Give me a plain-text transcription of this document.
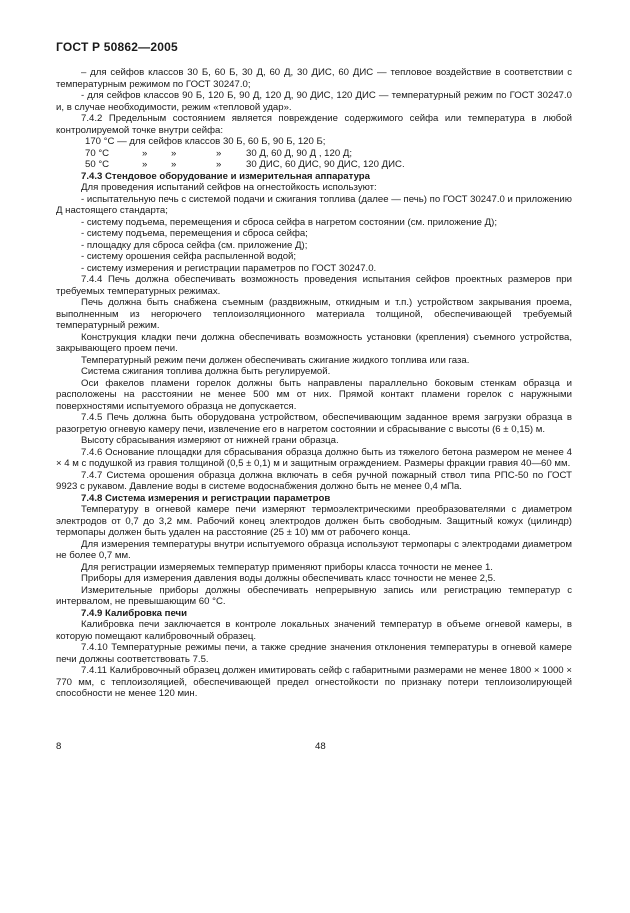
ГОСТ Р 50862—2005

– для сейфов классов 30 Б, 60 Б, 30 Д, 60 Д, 30 ДИС, 60 ДИС — тепловое воздействие в соответствии с температурным режимом по ГОСТ 30247.0;

- для сейфов классов 90 Б, 120 Б, 90 Д, 120 Д, 90 ДИС, 120 ДИС — температурный режим по ГОСТ 30247.0 и, в случае необходимости, режим «тепловой удар».

7.4.2 Предельным состоянием является повреждение содержимого сейфа или температура в любой контролируемой точке внутри сейфа:

170 °C — для сейфов классов 30 Б, 60 Б, 90 Б, 120 Б;
70 °C	» »	»	30 Д, 60 Д, 90 Д , 120 Д;
50 °C	» »	»	30 ДИС, 60 ДИС, 90 ДИС, 120 ДИС.

7.4.3 Стендовое оборудование и измерительная аппаратура

Для проведения испытаний сейфов на огнестойкость используют:

- испытательную печь с системой подачи и сжигания топлива (далее — печь) по ГОСТ 30247.0 и приложению Д настоящего стандарта;

- систему подъема, перемещения и сброса сейфа в нагретом состоянии (см. приложение Д);

- систему подъема, перемещения и сброса сейфа;

- площадку для сброса сейфа (см. приложение Д);

- систему орошения сейфа распыленной водой;

- систему измерения и регистрации параметров по ГОСТ 30247.0.

7.4.4 Печь должна обеспечивать возможность проведения испытания сейфов проектных размеров при требуемых температурных режимах.

Печь должна быть снабжена съемным (раздвижным, откидным и т.п.) устройством закрывания проема, выполненным из негорючего теплоизоляционного материала толщиной, обеспечивающей требуемый температурный режим.

Конструкция кладки печи должна обеспечивать возможность установки (крепления) съемного устройства, закрывающего проем печи.

Температурный режим печи должен обеспечивать сжигание жидкого топлива или газа.

Система сжигания топлива должна быть регулируемой.

Оси факелов пламени горелок должны быть направлены параллельно боковым стенкам образца и расположены на расстоянии не менее 500 мм от них. Прямой контакт пламени горелок с наружными поверхностями испытуемого образца не допускается.

7.4.5 Печь должна быть оборудована устройством, обеспечивающим заданное время загрузки образца в разогретую огневую камеру печи, извлечение его в нагретом состоянии и сбрасывание с высоты (6 ± 0,15) м.

Высоту сбрасывания измеряют от нижней грани образца.

7.4.6 Основание площадки для сбрасывания образца должно быть из тяжелого бетона размером не менее 4 × 4 м с подушкой из гравия толщиной (0,5 ± 0,1) м и защитным ограждением. Размеры фракции гравия 40—60 мм.

7.4.7 Система орошения образца должна включать в себя ручной пожарный ствол типа РПС-50 по ГОСТ 9923 с рукавом. Давление воды в системе водоснабжения должно быть не менее 0,4 мПа.

7.4.8 Система измерения и регистрации параметров

Температуру в огневой камере печи измеряют термоэлектрическими преобразователями с диаметром электродов от 0,7 до 3,2 мм. Рабочий конец электродов должен быть свободным. Защитный кожух (цилиндр) термопары должен быть удален на расстояние (25 ± 10) мм от рабочего конца.

Для измерения температуры внутри испытуемого образца используют термопары с электродами диаметром не более 0,7 мм.

Для регистрации измеряемых температур применяют приборы класса точности не менее 1.

Приборы для измерения давления воды должны обеспечивать класс точности не менее 2,5.

Измерительные приборы должны обеспечивать непрерывную запись или регистрацию температур с интервалом, не превышающим 60 °С.

7.4.9 Калибровка печи

Калибровка печи заключается в контроле локальных значений температур в объеме огневой камеры, в которую помещают калибровочный образец.

7.4.10 Температурные режимы печи, а также средние значения отклонения температуры в огневой камере печи должны соответствовать 7.5.

7.4.11 Калибровочный образец должен имитировать сейф с габаритными размерами не менее 1800 × 1000 × 770 мм, с теплоизоляцией, обеспечивающей предел огнестойкости по признаку потери теплоизолирующей способности не менее 120 мин.

8	48
